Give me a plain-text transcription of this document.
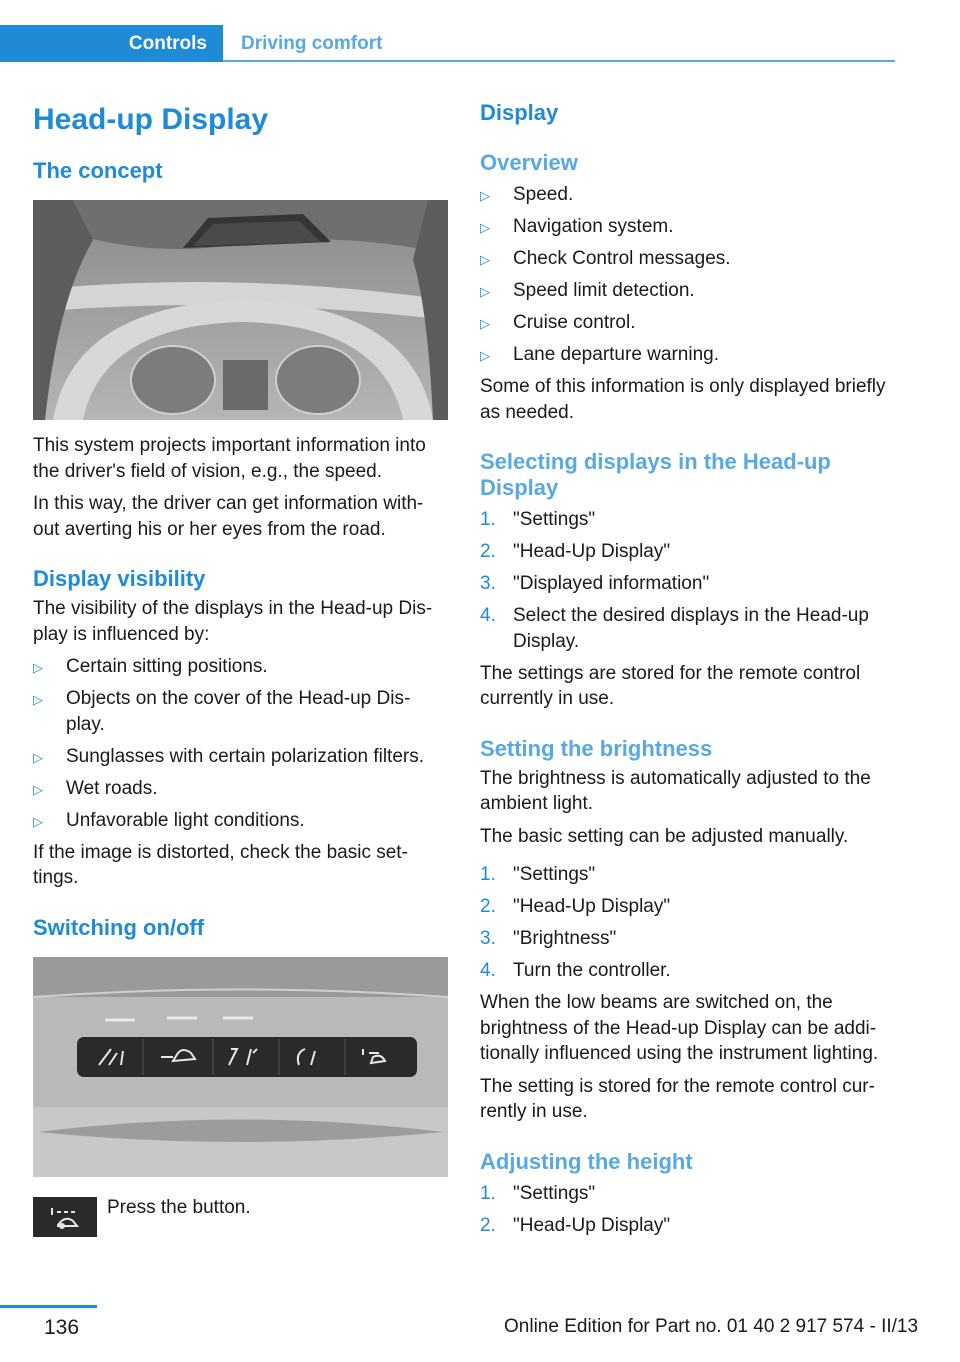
Controls	Driving comfort
Head-up Display
The concept

This system projects important information into the driver's field of vision, e.g., the speed.

In this way, the driver can get information with‐out averting his or her eyes from the road.

Display visibility

The visibility of the displays in the Head-up Dis‐play is influenced by:

▷ Certain sitting positions.
▷ Objects on the cover of the Head-up Dis‐play.
▷ Sunglasses with certain polarization filters.
▷ Wet roads.
▷ Unfavorable light conditions.

If the image is distorted, check the basic set‐tings.

Switching on/off
Press the button.
Display
Overview
▷ Speed.
▷ Navigation system.
▷ Check Control messages.
▷ Speed limit detection.
▷ Cruise control.
▷ Lane departure warning.

Some of this information is only displayed briefly as needed.

Selecting displays in the Head-up Display
1. "Settings"
2. "Head-Up Display"
3. "Displayed information"
4. Select the desired displays in the Head-up Display.

The settings are stored for the remote control currently in use.

Setting the brightness

The brightness is automatically adjusted to the ambient light.

The basic setting can be adjusted manually.

1. "Settings"
2. "Head-Up Display"
3. "Brightness"
4. Turn the controller.

When the low beams are switched on, the brightness of the Head-up Display can be addi‐tionally influenced using the instrument lighting.

The setting is stored for the remote control cur‐rently in use.

Adjusting the height
1. "Settings"
2. "Head-Up Display"
136	Online Edition for Part no. 01 40 2 917 574 - II/13
